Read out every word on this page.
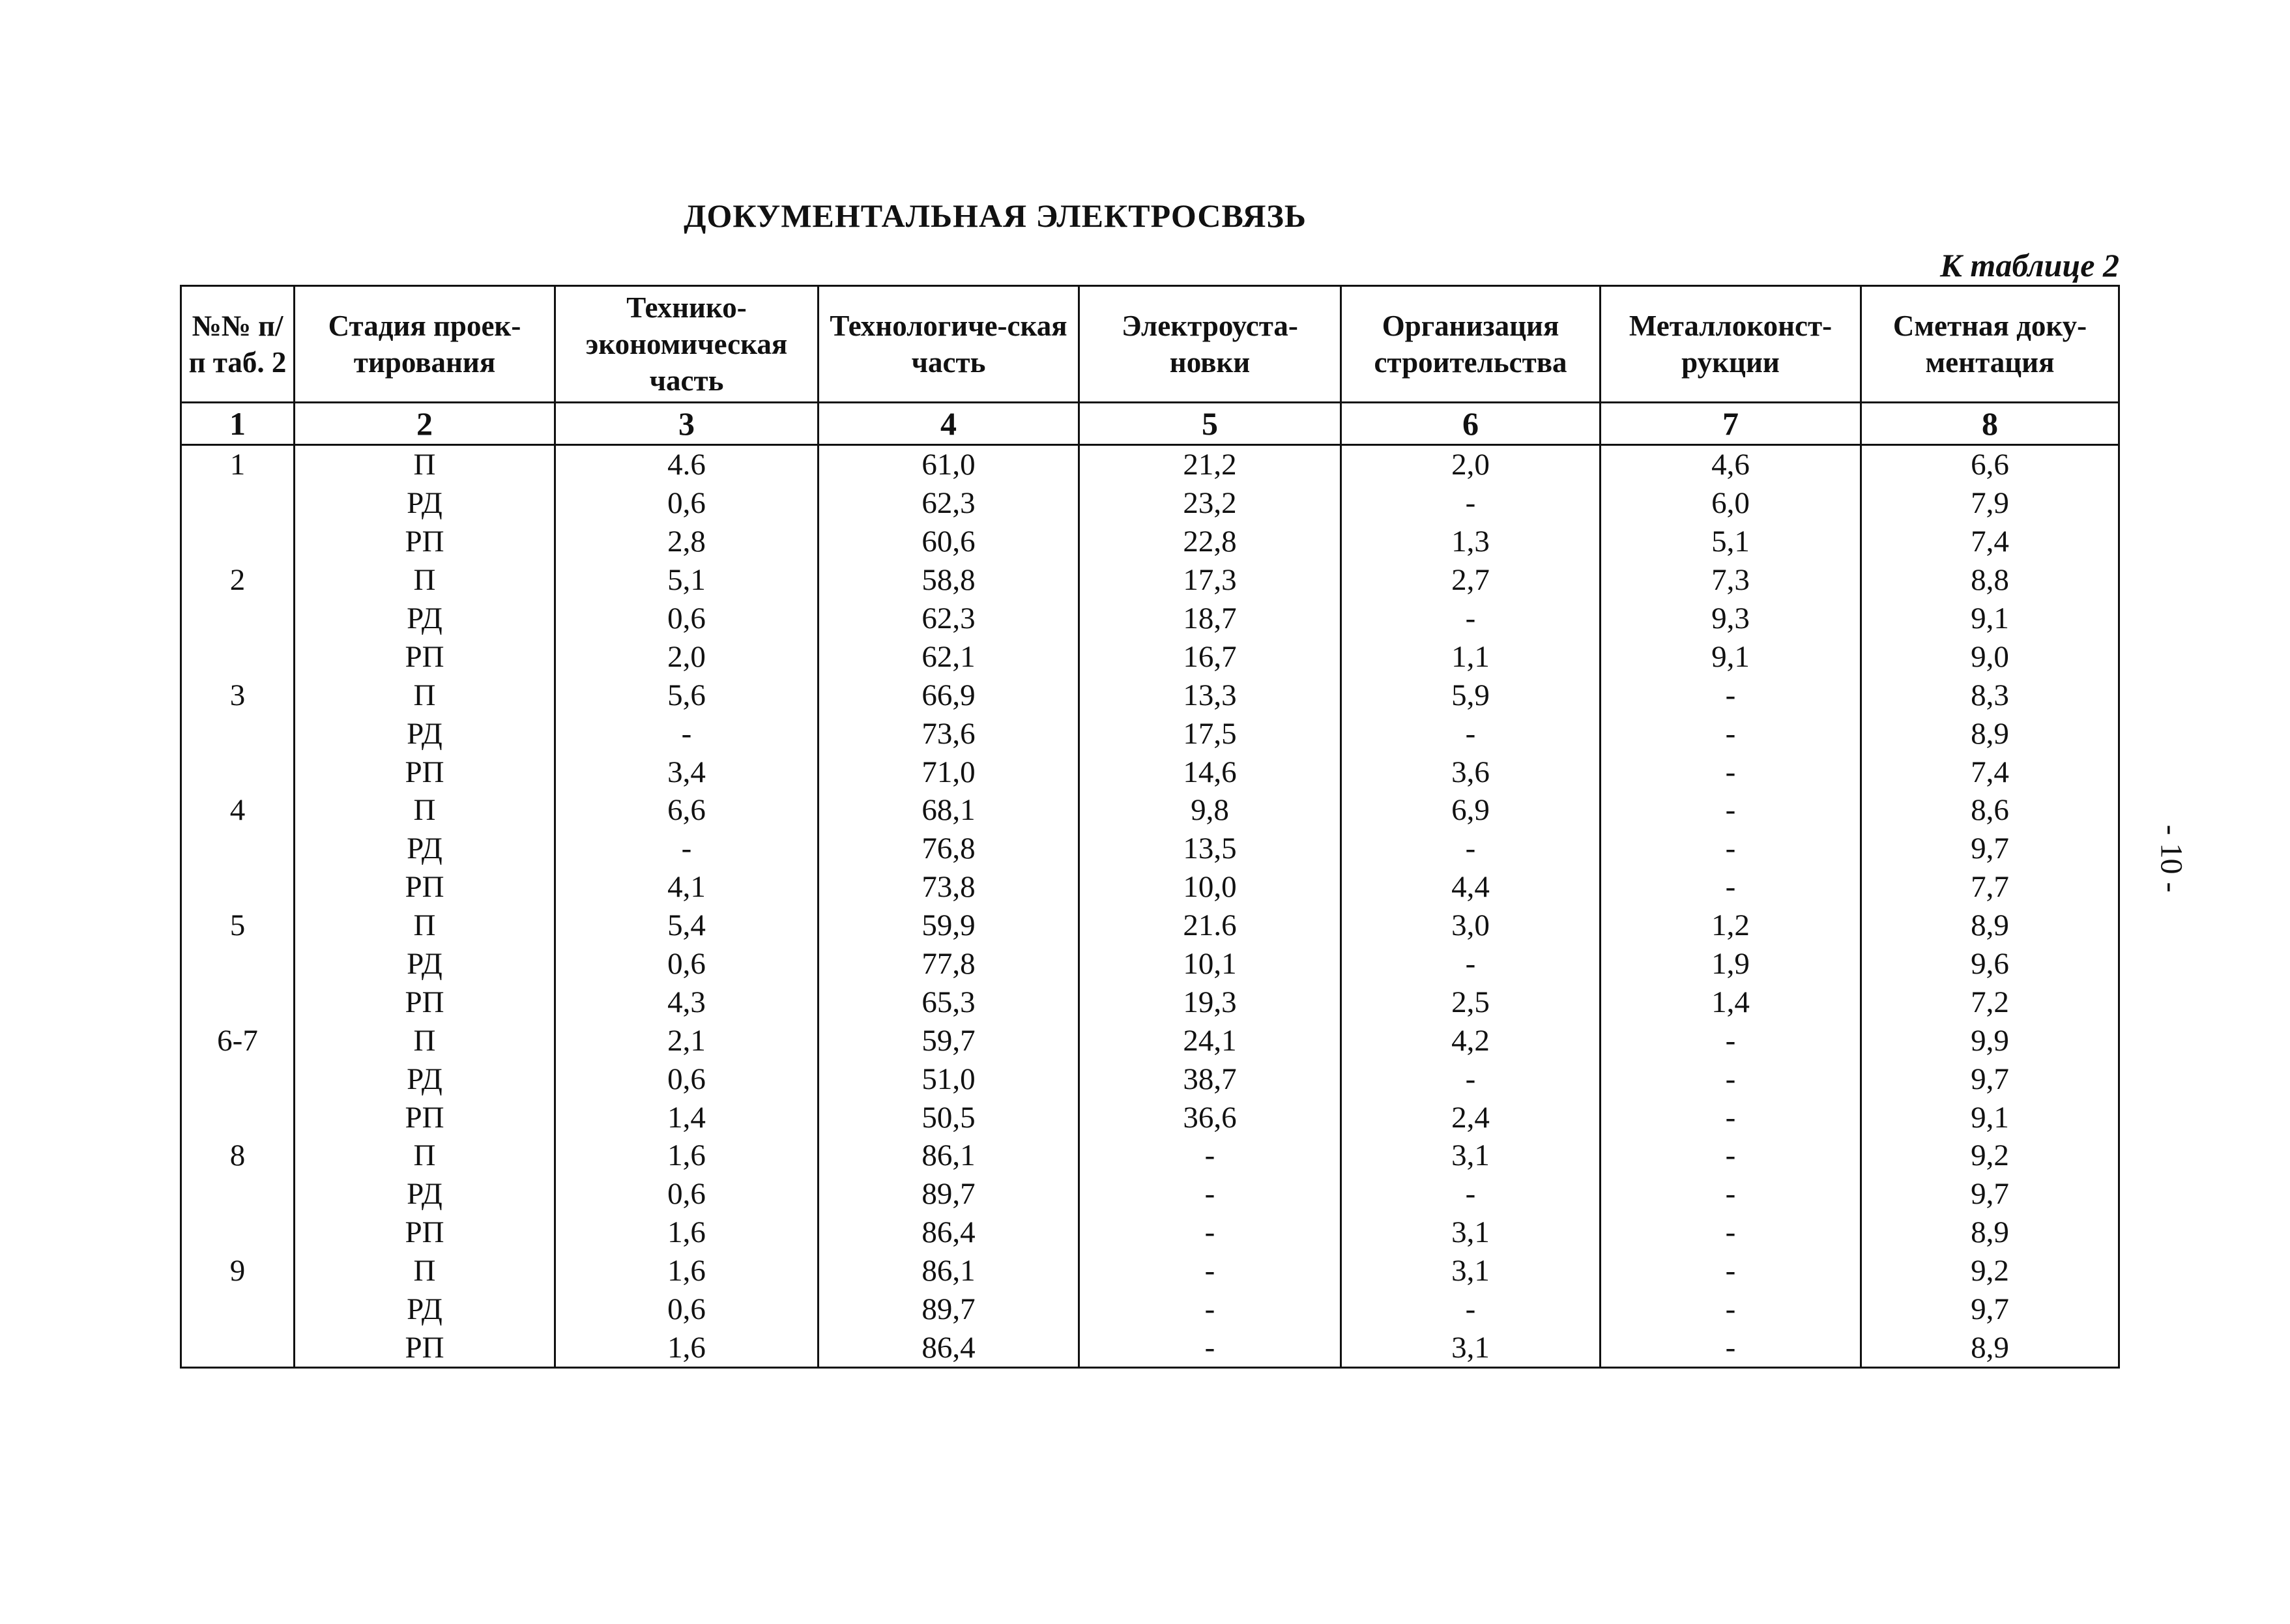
ДОКУМЕНТАЛЬНАЯ ЭЛЕКТРОСВЯЗЬ
К таблице 2
- 10 -
№№ п/п таб. 2	Стадия проек-тирования	Технико-экономическая часть	Технологиче-ская часть	Электроуста-новки	Организация строительства	Металлоконст-рукции	Сметная доку-ментация
1	2	3	4	5	6	7	8
1	П	4.6	61,0	21,2	2,0	4,6	6,6
	РД	0,6	62,3	23,2	-	6,0	7,9
	РП	2,8	60,6	22,8	1,3	5,1	7,4
2	П	5,1	58,8	17,3	2,7	7,3	8,8
	РД	0,6	62,3	18,7	-	9,3	9,1
	РП	2,0	62,1	16,7	1,1	9,1	9,0
3	П	5,6	66,9	13,3	5,9	-	8,3
	РД	-	73,6	17,5	-	-	8,9
	РП	3,4	71,0	14,6	3,6	-	7,4
4	П	6,6	68,1	9,8	6,9	-	8,6
	РД	-	76,8	13,5	-	-	9,7
	РП	4,1	73,8	10,0	4,4	-	7,7
5	П	5,4	59,9	21.6	3,0	1,2	8,9
	РД	0,6	77,8	10,1	-	1,9	9,6
	РП	4,3	65,3	19,3	2,5	1,4	7,2
6-7	П	2,1	59,7	24,1	4,2	-	9,9
	РД	0,6	51,0	38,7	-	-	9,7
	РП	1,4	50,5	36,6	2,4	-	9,1
8	П	1,6	86,1	-	3,1	-	9,2
	РД	0,6	89,7	-	-	-	9,7
	РП	1,6	86,4	-	3,1	-	8,9
9	П	1,6	86,1	-	3,1	-	9,2
	РД	0,6	89,7	-	-	-	9,7
	РП	1,6	86,4	-	3,1	-	8,9
